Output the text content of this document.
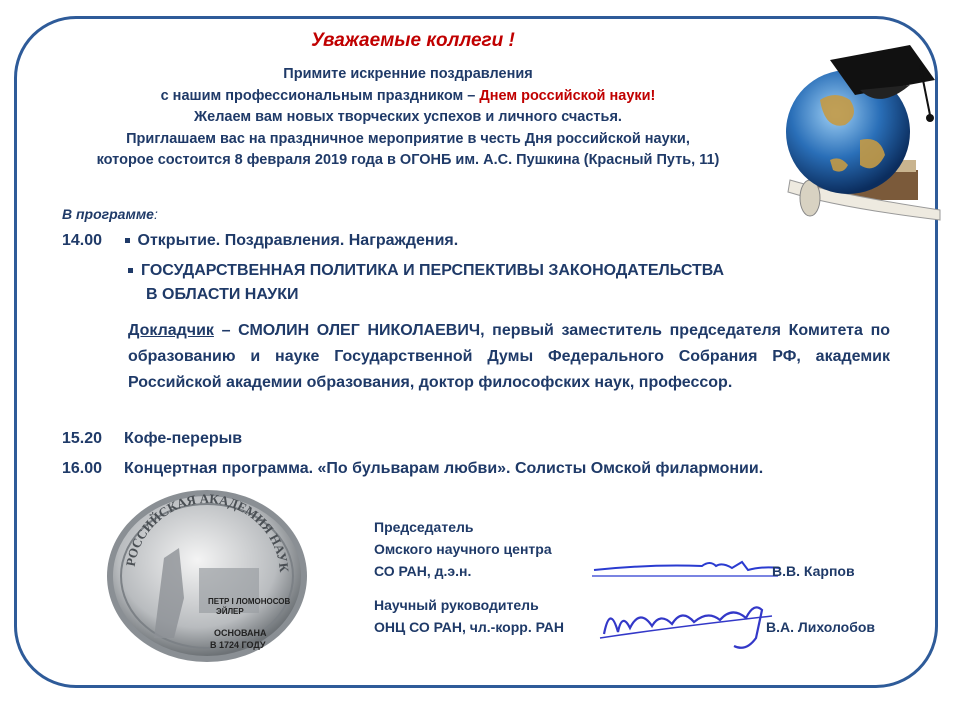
Уважаемые коллеги !
Примите искренние поздравления
с нашим профессиональным праздником – Днем российской науки!
Желаем вам новых творческих успехов и личного счастья.
Приглашаем вас на праздничное мероприятие в честь Дня российской науки,
которое состоится 8 февраля 2019 года в ОГОНБ им. А.С. Пушкина (Красный Путь, 11)
В программе:
14.00 Открытие. Поздравления. Награждения.
ГОСУДАРСТВЕННАЯ ПОЛИТИКА И ПЕРСПЕКТИВЫ ЗАКОНОДАТЕЛЬСТВА
В ОБЛАСТИ НАУКИ
Докладчик – СМОЛИН ОЛЕГ НИКОЛАЕВИЧ, первый заместитель председателя Комитета по образованию и науке Государственной Думы Федерального Собрания РФ, академик Российской академии образования, доктор философских наук, профессор.
15.20 Кофе-перерыв
16.00 Концертная программа. «По бульварам любви». Солисты Омской филармонии.
РОССИЙСКАЯ АКАДЕМИЯ НАУК
ПЕТР I ЛОМОНОСОВ
ЭЙЛЕР
ОСНОВАНА
В 1724 ГОДУ
Председатель
Омского научного центра
СО РАН, д.э.н.	В.В. Карпов
Научный руководитель
ОНЦ СО РАН, чл.-корр. РАН	В.А. Лихолобов
